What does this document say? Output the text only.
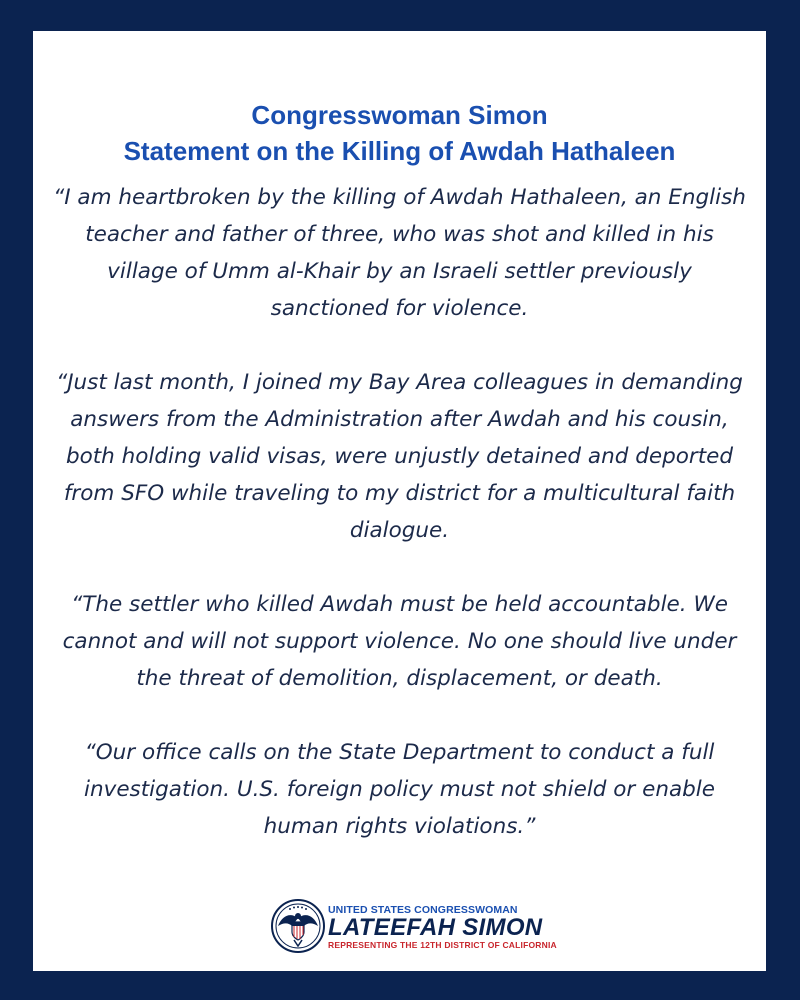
Congresswoman Simon
Statement on the Killing of Awdah Hathaleen

“I am heartbroken by the killing of Awdah Hathaleen, an English teacher and father of three, who was shot and killed in his village of Umm al-Khair by an Israeli settler previously sanctioned for violence.

“Just last month, I joined my Bay Area colleagues in demanding answers from the Administration after Awdah and his cousin, both holding valid visas, were unjustly detained and deported from SFO while traveling to my district for a multicultural faith dialogue.

“The settler who killed Awdah must be held accountable. We cannot and will not support violence. No one should live under the threat of demolition, displacement, or death.

“Our office calls on the State Department to conduct a full investigation. U.S. foreign policy must not shield or enable human rights violations.”

UNITED STATES CONGRESSWOMAN
LATEEFAH SIMON
REPRESENTING THE 12TH DISTRICT OF CALIFORNIA
